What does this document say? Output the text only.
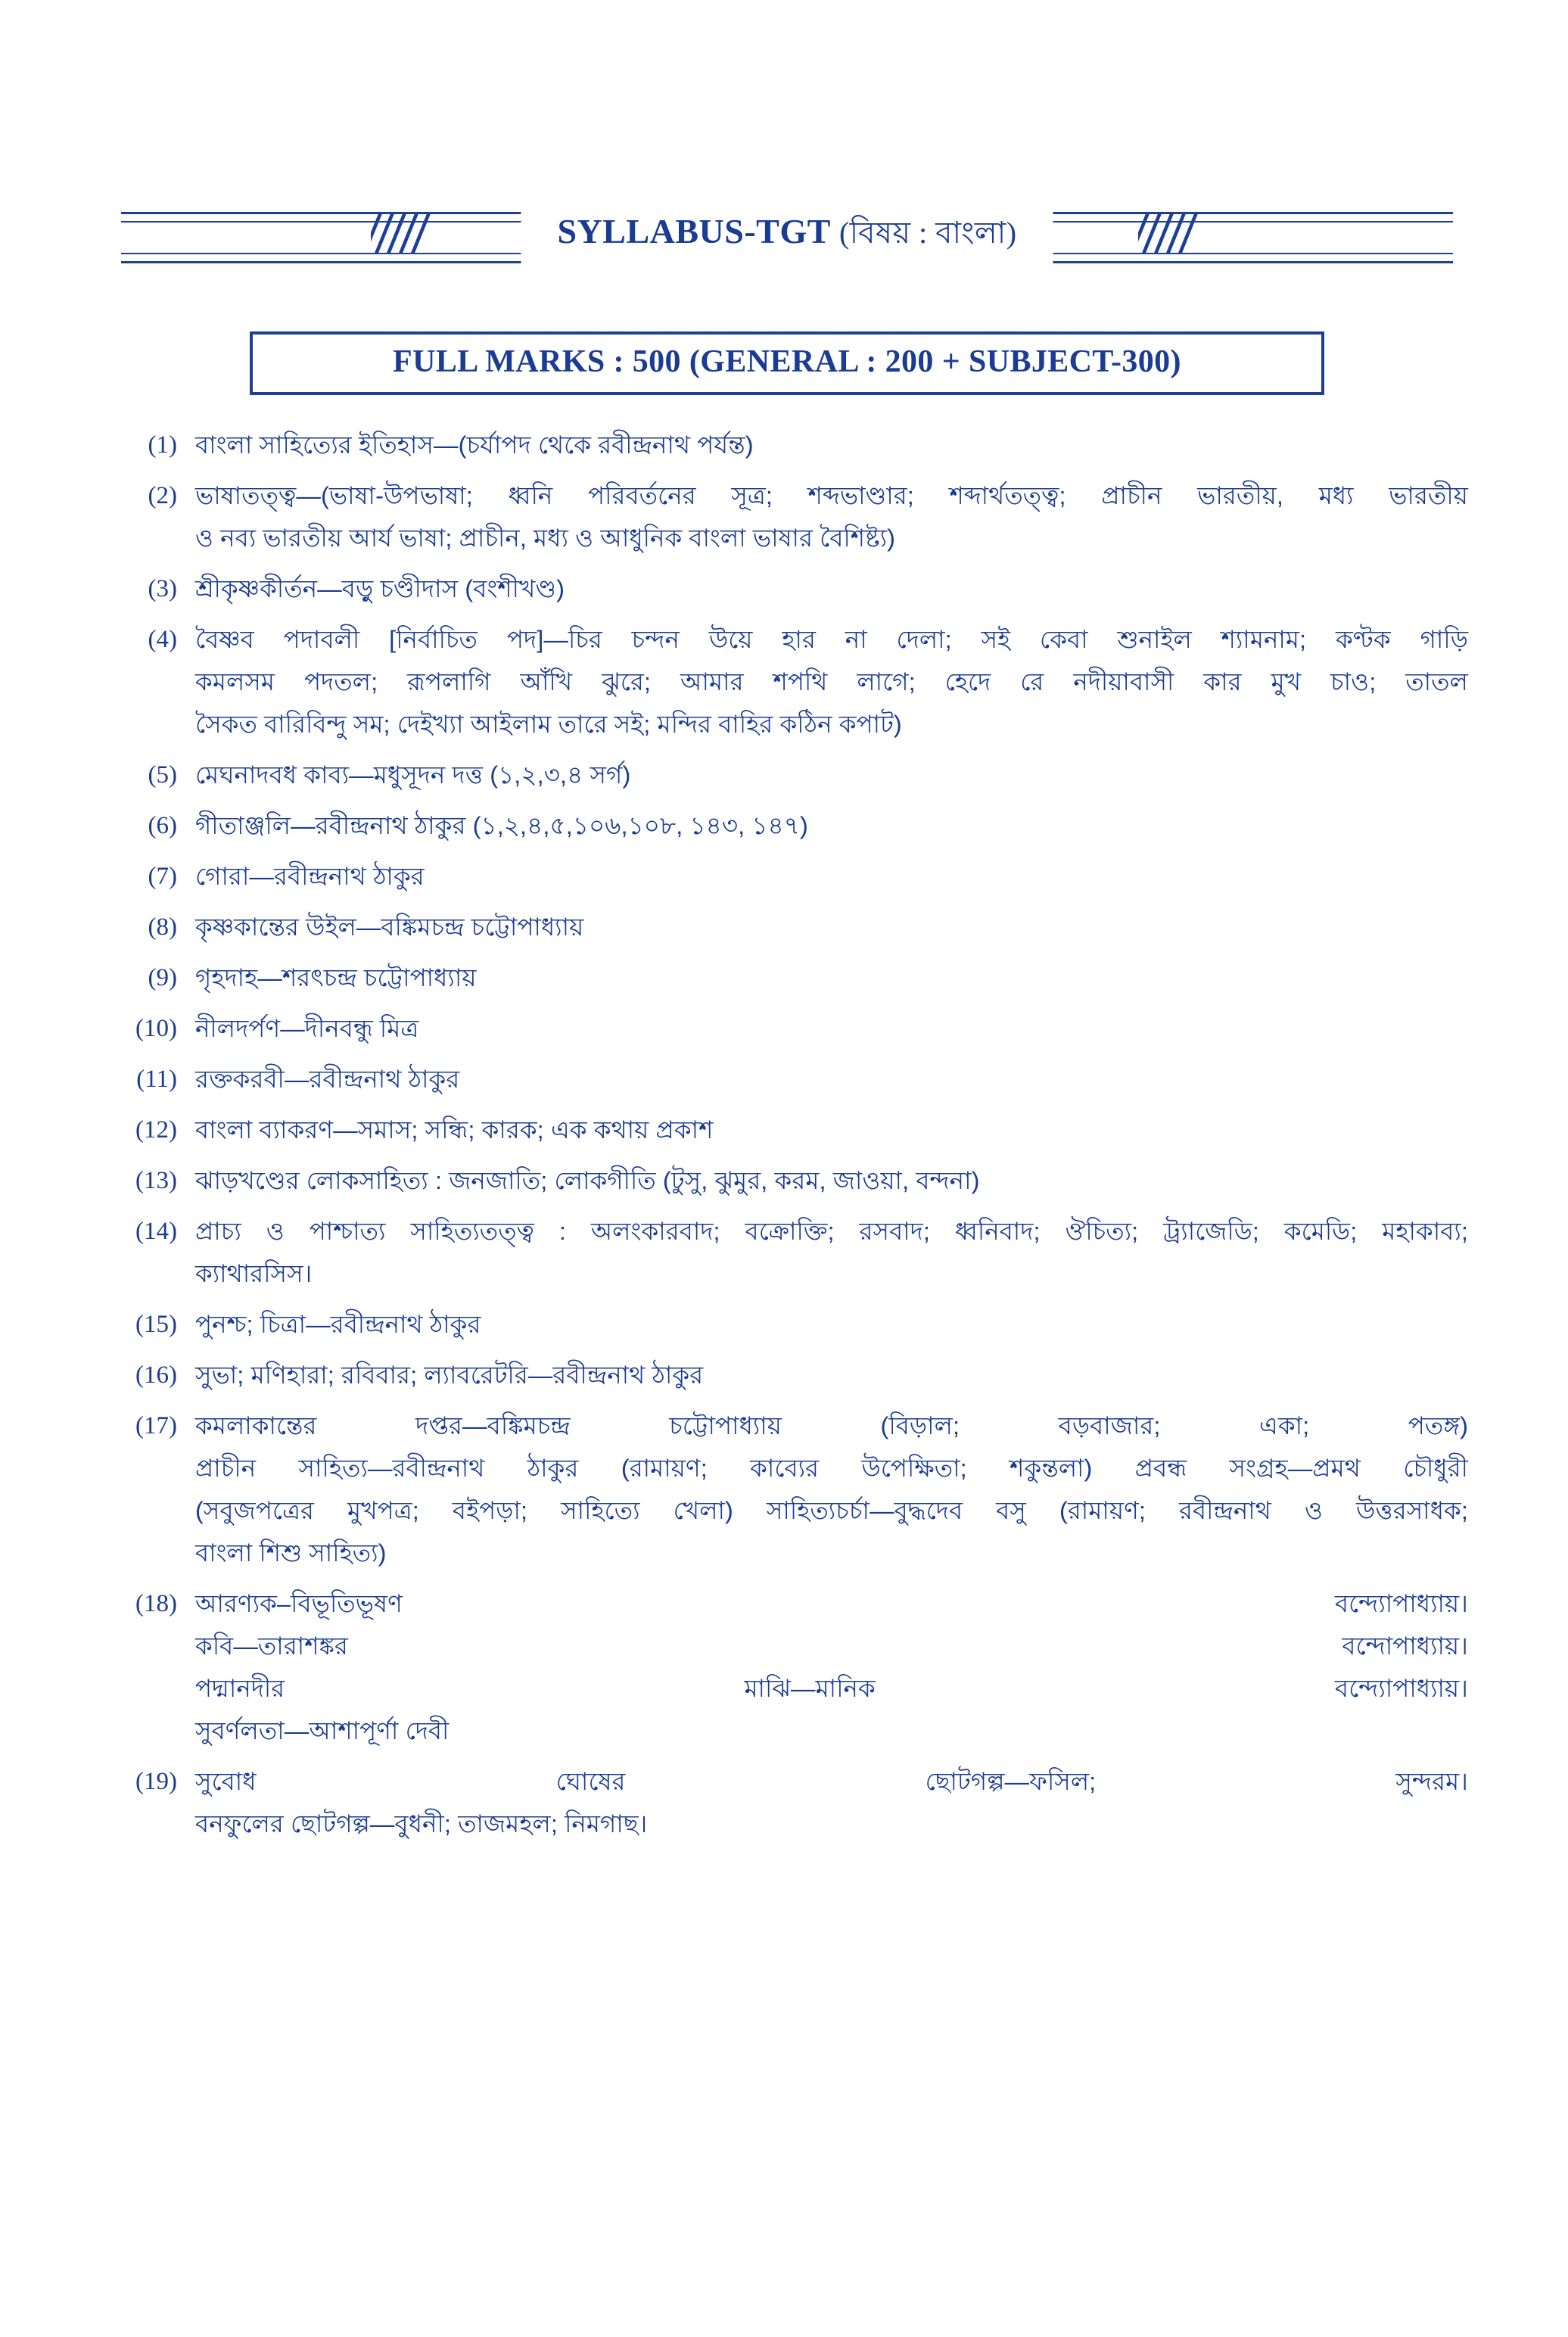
SYLLABUS-TGT (বিষয় : বাংলা)
FULL MARKS : 500 (GENERAL : 200 + SUBJECT-300)
(1) বাংলা সাহিত্যের ইতিহাস—(চর্যাপদ থেকে রবীন্দ্রনাথ পর্যন্ত)
(2) ভাষাতত্ত্ব—(ভাষা-উপভাষা; ধ্বনি পরিবর্তনের সূত্র; শব্দভাণ্ডার; শব্দার্থতত্ত্ব; প্রাচীন ভারতীয়, মধ্য ভারতীয়
ও নব্য ভারতীয় আর্য ভাষা; প্রাচীন, মধ্য ও আধুনিক বাংলা ভাষার বৈশিষ্ট্য)
(3) শ্রীকৃষ্ণকীর্তন—বড়ু চণ্ডীদাস (বংশীখণ্ড)
(4) বৈষ্ণব পদাবলী [নির্বাচিত পদ]—চির চন্দন উয়ে হার না দেলা; সই কেবা শুনাইল শ্যামনাম; কণ্টক গাড়ি
কমলসম পদতল; রূপলাগি আঁখি ঝুরে; আমার শপথি লাগে; হেদে রে নদীয়াবাসী কার মুখ চাও; তাতল
সৈকত বারিবিন্দু সম; দেইখ্যা আইলাম তারে সই; মন্দির বাহির কঠিন কপাট)
(5) মেঘনাদবধ কাব্য—মধুসূদন দত্ত (১,২,৩,৪ সর্গ)
(6) গীতাঞ্জলি—রবীন্দ্রনাথ ঠাকুর (১,২,৪,৫,১০৬,১০৮, ১৪৩, ১৪৭)
(7) গোরা—রবীন্দ্রনাথ ঠাকুর
(8) কৃষ্ণকান্তের উইল—বঙ্কিমচন্দ্র চট্টোপাধ্যায়
(9) গৃহদাহ—শরৎচন্দ্র চট্টোপাধ্যায়
(10) নীলদর্পণ—দীনবন্ধু মিত্র
(11) রক্তকরবী—রবীন্দ্রনাথ ঠাকুর
(12) বাংলা ব্যাকরণ—সমাস; সন্ধি; কারক; এক কথায় প্রকাশ
(13) ঝাড়খণ্ডের লোকসাহিত্য : জনজাতি; লোকগীতি (টুসু, ঝুমুর, করম, জাওয়া, বন্দনা)
(14) প্রাচ্য ও পাশ্চাত্য সাহিত্যতত্ত্ব : অলংকারবাদ; বক্রোক্তি; রসবাদ; ধ্বনিবাদ; ঔচিত্য; ট্র্যাজেডি; কমেডি; মহাকাব্য;
ক্যাথারসিস।
(15) পুনশ্চ; চিত্রা—রবীন্দ্রনাথ ঠাকুর
(16) সুভা; মণিহারা; রবিবার; ল্যাবরেটরি—রবীন্দ্রনাথ ঠাকুর
(17) কমলাকান্তের দপ্তর—বঙ্কিমচন্দ্র চট্টোপাধ্যায় (বিড়াল; বড়বাজার; একা; পতঙ্গ)
প্রাচীন সাহিত্য—রবীন্দ্রনাথ ঠাকুর (রামায়ণ; কাব্যের উপেক্ষিতা; শকুন্তলা) প্রবন্ধ সংগ্রহ—প্রমথ চৌধুরী
(সবুজপত্রের মুখপত্র; বইপড়া; সাহিত্যে খেলা) সাহিত্যচর্চা—বুদ্ধদেব বসু (রামায়ণ; রবীন্দ্রনাথ ও উত্তরসাধক;
বাংলা শিশু সাহিত্য)
(18) আরণ্যক–বিভূতিভূষণ বন্দ্যোপাধ্যায়।
কবি—তারাশঙ্কর বন্দোপাধ্যায়।
পদ্মানদীর মাঝি—মানিক বন্দ্যোপাধ্যায়।
সুবর্ণলতা—আশাপূর্ণা দেবী
(19) সুবোধ ঘোষের ছোটগল্প—ফসিল; সুন্দরম।
বনফুলের ছোটগল্প—বুধনী; তাজমহল; নিমগাছ।
